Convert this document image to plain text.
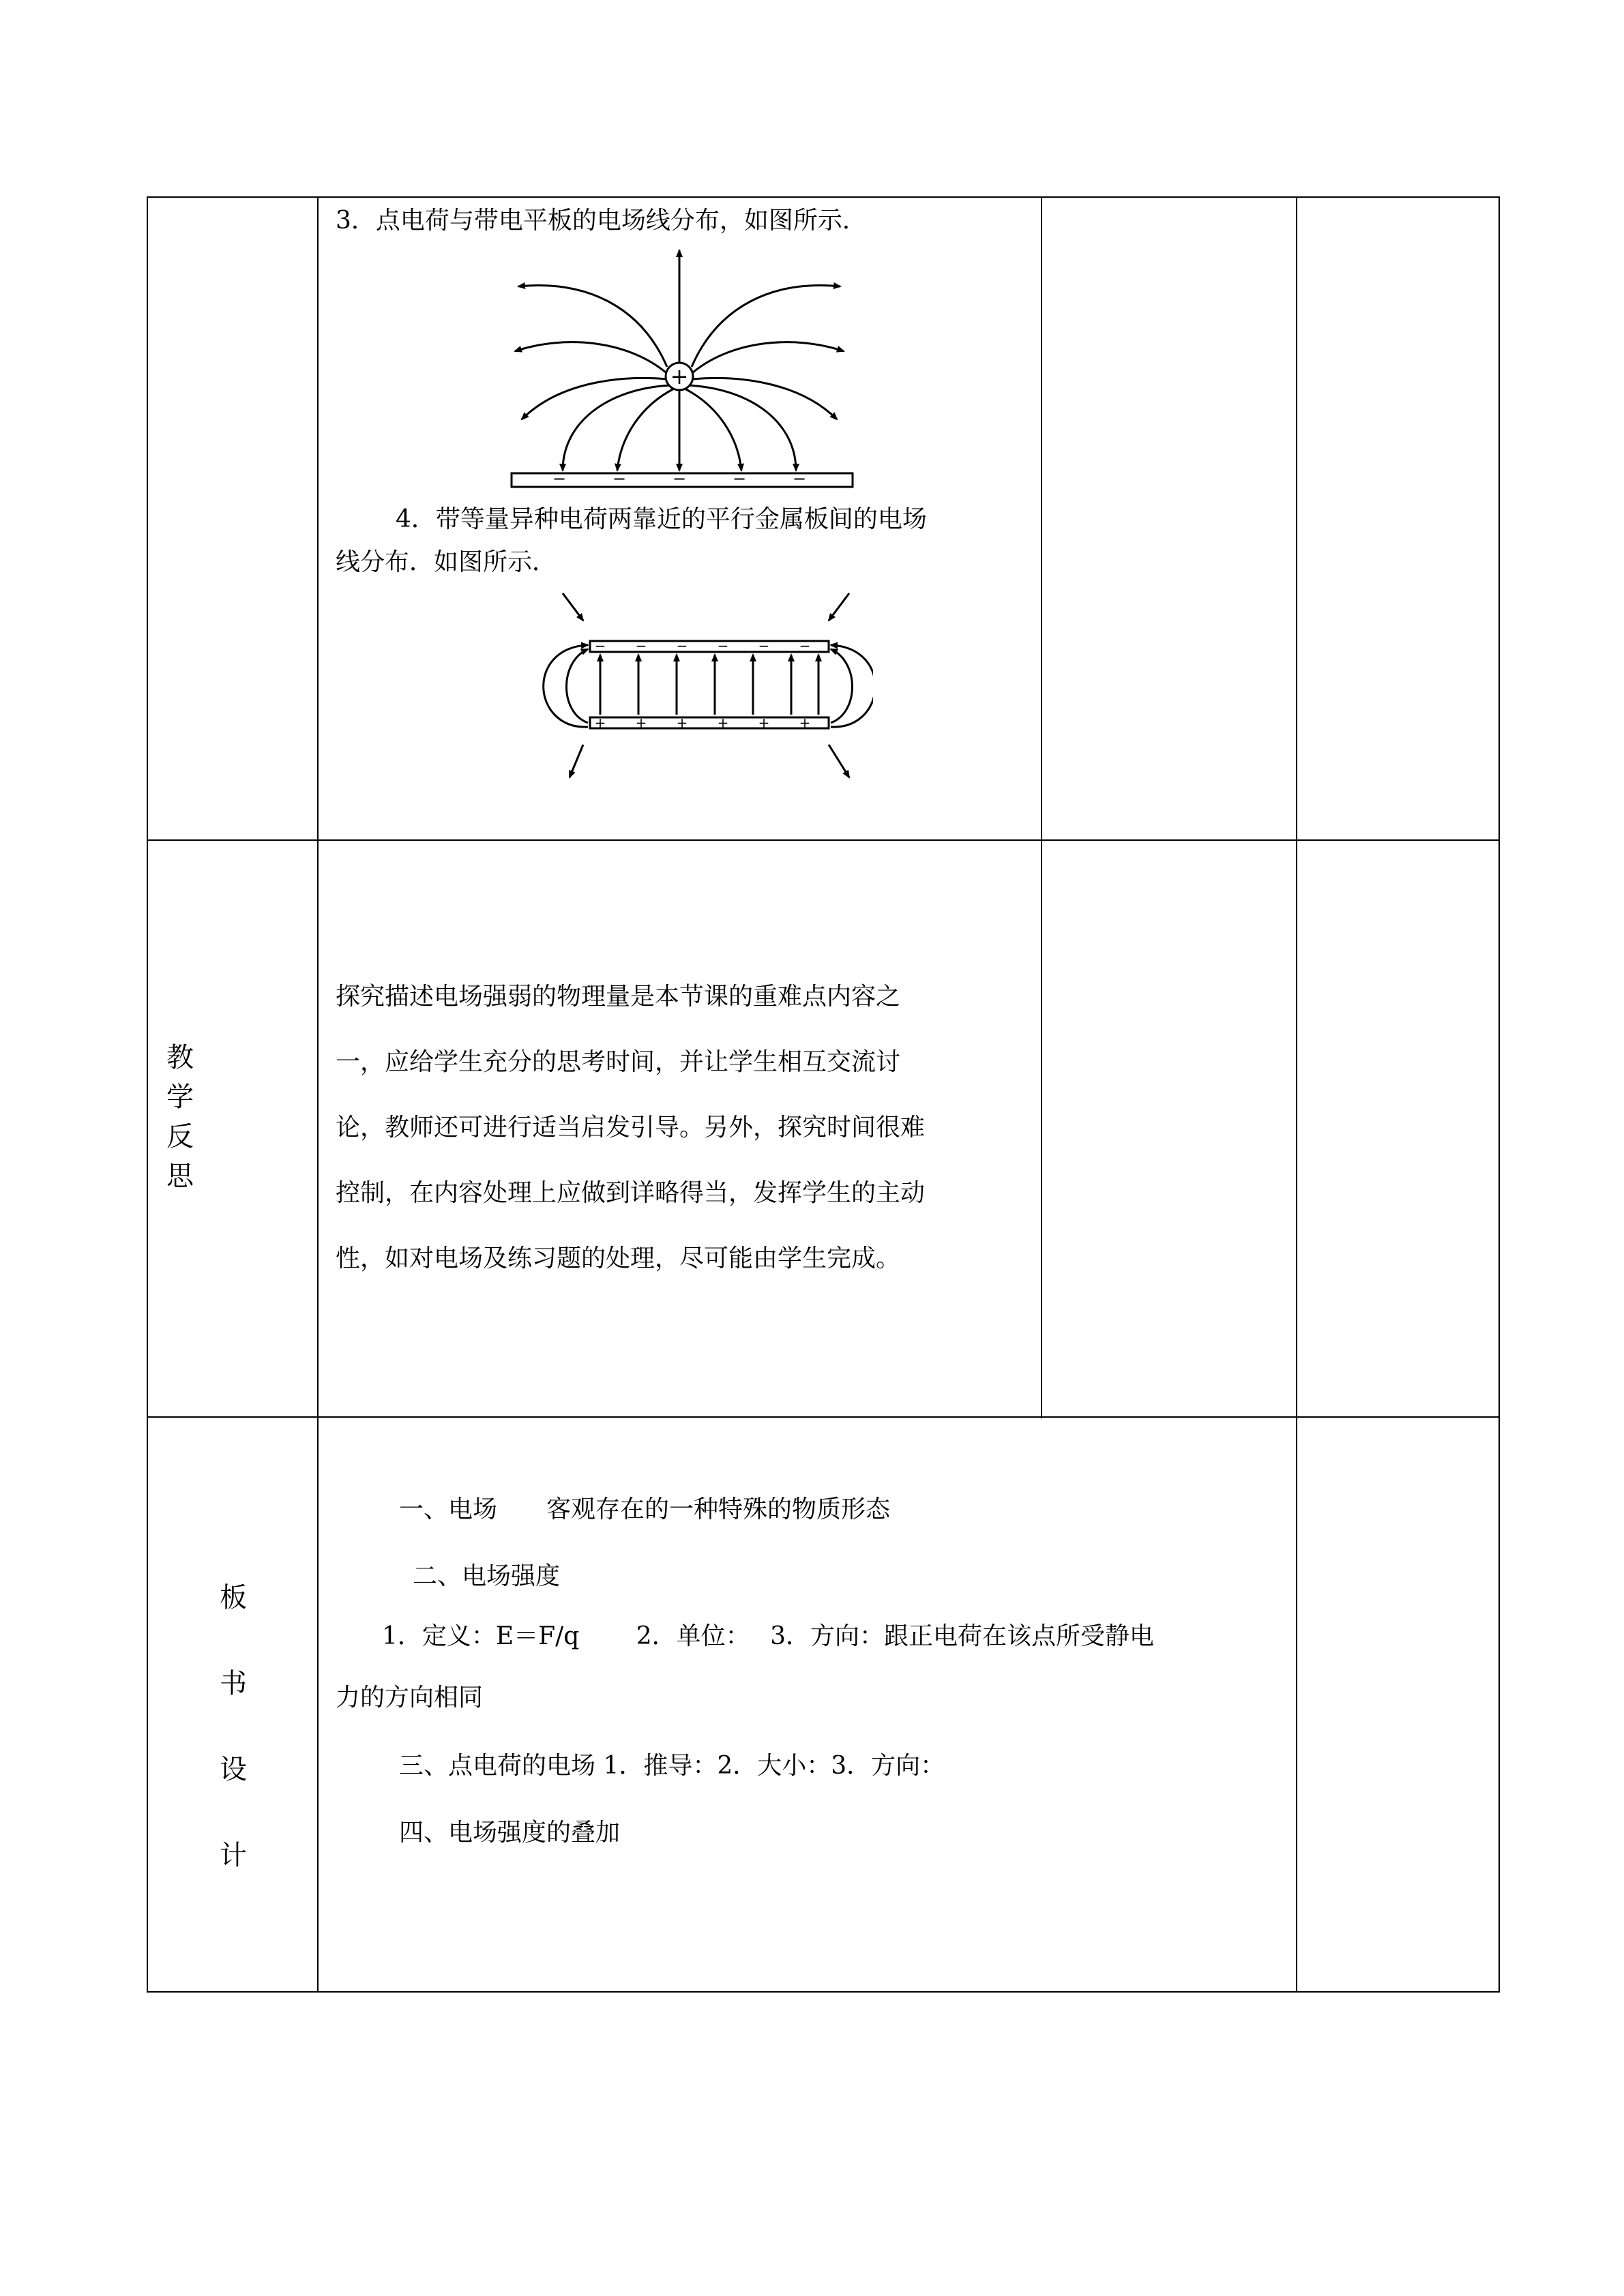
3．点电荷与带电平板的电场线分布，如图所示．
+
−	−	−	−	−
4．带等量异种电荷两靠近的平行金属板间的电场
线分布．如图所示．
− − − − − −
+ + + + + +
教
学
反
思
探究描述电场强弱的物理量是本节课的重难点内容之
一，应给学生充分的思考时间，并让学生相互交流讨
论，教师还可进行适当启发引导。另外，探究时间很难
控制，在内容处理上应做到详略得当，发挥学生的主动
性，如对电场及练习题的处理，尽可能由学生完成。
板
书
设
计
一、电场　　客观存在的一种特殊的物质形态
二、电场强度
1．定义：E＝F/q　　 2．单位：　 3．方向：跟正电荷在该点所受静电
力的方向相同
三、点电荷的电场 1．推导：2．大小：3．方向：
四、电场强度的叠加
